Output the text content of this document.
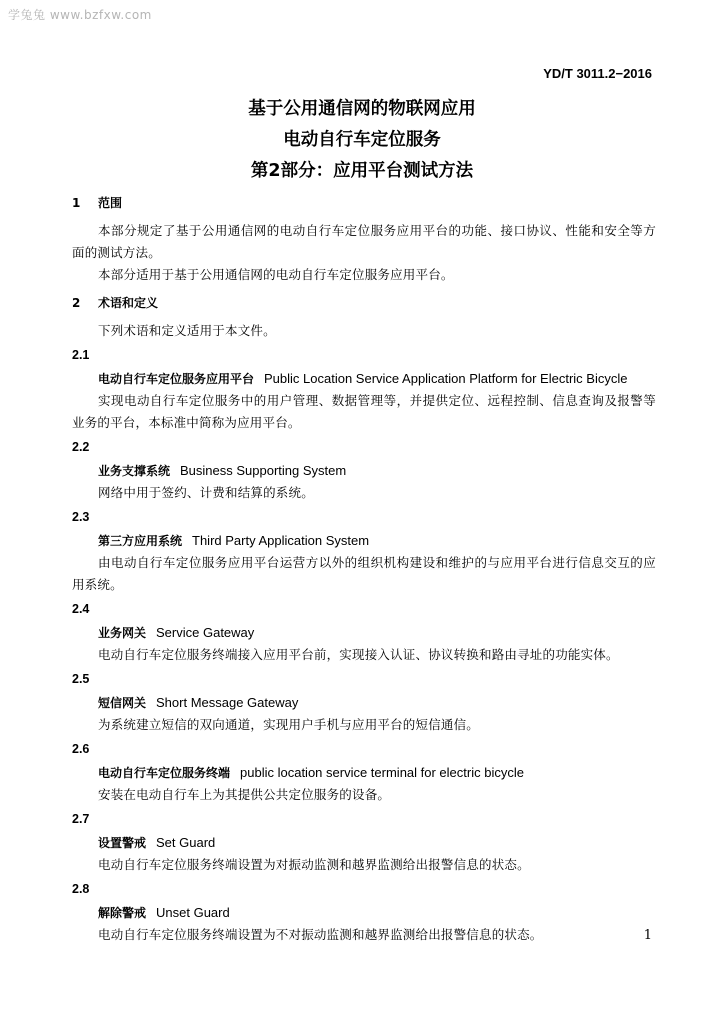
学兔兔 www.bzfxw.com
YD/T 3011.2−2016
基于公用通信网的物联网应用
电动自行车定位服务
第2部分：应用平台测试方法
1 范围
本部分规定了基于公用通信网的电动自行车定位服务应用平台的功能、接口协议、性能和安全等方面的测试方法。
本部分适用于基于公用通信网的电动自行车定位服务应用平台。
2 术语和定义
下列术语和定义适用于本文件。
2.1
电动自行车定位服务应用平台 Public Location Service Application Platform for Electric Bicycle
实现电动自行车定位服务中的用户管理、数据管理等，并提供定位、远程控制、信息查询及报警等业务的平台，本标准中简称为应用平台。
2.2
业务支撑系统 Business Supporting System
网络中用于签约、计费和结算的系统。
2.3
第三方应用系统 Third Party Application System
由电动自行车定位服务应用平台运营方以外的组织机构建设和维护的与应用平台进行信息交互的应用系统。
2.4
业务网关 Service Gateway
电动自行车定位服务终端接入应用平台前，实现接入认证、协议转换和路由寻址的功能实体。
2.5
短信网关 Short Message Gateway
为系统建立短信的双向通道，实现用户手机与应用平台的短信通信。
2.6
电动自行车定位服务终端 public location service terminal for electric bicycle
安装在电动自行车上为其提供公共定位服务的设备。
2.7
设置警戒 Set Guard
电动自行车定位服务终端设置为对振动监测和越界监测给出报警信息的状态。
2.8
解除警戒 Unset Guard
电动自行车定位服务终端设置为不对振动监测和越界监测给出报警信息的状态。	1
